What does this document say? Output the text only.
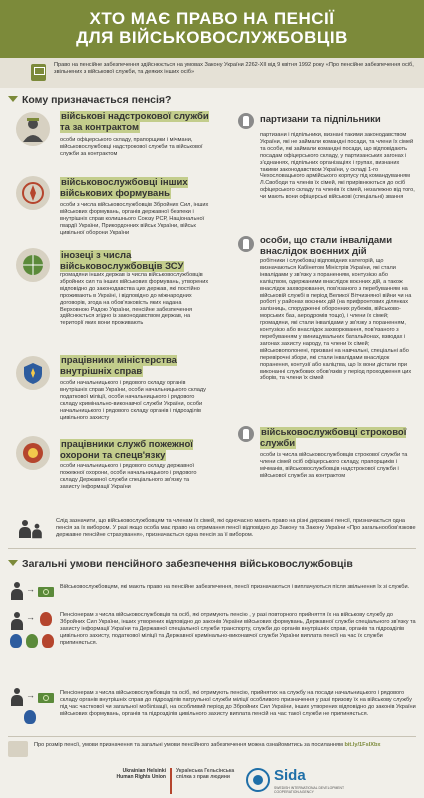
ХТО МАЄ ПРАВО НА ПЕНСІЇ
ДЛЯ ВІЙСЬКОВОСЛУЖБОВЦІВ
Право на пенсійне забезпечення здійснюється на умовах Закону України 2262-XII від 9 квітня 1992 року «Про пенсійне забезпечення осіб, звільнених з військової служби, та деяких інших осіб»
Кому призначається пенсія?
військові надстрокової служби та за контрактом
особи офіцерського складу, прапорщики і мічмани, військовослужбовці надстрокової служби та військової служби за контрактом
військовослужбовці інших військових формувань
особи з числа військовослужбовців Збройних Сил, інших військових формувань, органів державної безпеки і внутрішніх справ колишнього Союзу РСР, Національної гвардії України, Прикордонних військ України, військ цивільної оборони України
інозеці з числа військовослужбовців ЗСУ
громадяни інших держав із числа військовослужбовців збройних сил та інших військових формувань, утворених відповідно до законодавства цих держав, які постійно проживають в Україні, і відповідно до міжнародних договорів, згода на обов'язковість яких надана Верховною Радою України, пенсійне забезпечення здійснюється згідно із законодавством держав, на території яких вони проживають
працівники міністерства внутрішніх справ
особи начальницького і рядового складу органів внутрішніх справ України, особи начальницького складу податкової міліції, особи начальницького і рядового складу кримінально-виконавчої служби України, особи начальницького і рядового складу органів і підрозділів цивільного захисту
працівники служб пожежної охорони та спецв'язку
особи начальницького і рядового складу державної пожежної охорони, особи начальницького і рядового складу Державної служби спеціального зв'язку та захисту інформації України
партизани та підпільники
партизани і підпільники, визнані такими законодавством України, які не займали командні посади, та члени їх сімей та особи, які займали командні посади, що відповідають посадам офіцерського складу, у партизанських загонах і з'єднаннях, підпільних організаціях і групах, визнаних такими законодавством України, у складі 1-го Чехословацького армійського корпусу під командуванням Л.Свободи та членів їх сімей, які прирівнюються до осіб офіцерського складу та членів їх сімей, незалежно від того, чи мають вони офіцерські військові (спеціальні) звання
особи, що стали інвалідами внаслідок воєнних дій
робітники і службовці відповідних категорій, що визначаються Кабінетом Міністрів України, які стали інвалідами у зв'язку з пораненням, контузією або каліцтвом, одержаними внаслідок воєнних дій, а також внаслідок захворювання, пов'язаного з перебуванням на військовій службі в період Великої Вітчизняної війни чи на роботі у районах воєнних дій (на прифронтових ділянках залізниць, спорудженні оборонних рубежів, військово-морських баз, аеродромів тощо), і члени їх сімей; громадяни, які стали інвалідами у зв'язку з пораненням, контузією або внаслідок захворювання, пов'язаного з перебуванням у винищувальних батальйонах, взводах і загонах захисту народу, та члени їх сімей; військовополонені, призвані на навчальні, спеціальні або перевірочні збори, які стали інвалідами внаслідок поранення, контузії або каліцтва, що їх вони дістали при виконанні службових обов'язків у період проходження цих зборів, та члени їх сімей
військовослужбовці строкової служби
особи із числа військовослужбовців строкової служби та члени сімей осіб офіцерського складу, прапорщиків і мічманів, військовослужбовців надстрокової служби і військової служби за контрактом
Слід зазначити, що військовослужбовцям та членам їх сімей, які одночасно мають право на різні державні пенсії, призначається одна пенсія за їх вибором. У разі якщо особа має право на отримання пенсії відповідно до Закону та Закону України «Про загальнообов'язкове державне пенсійне страхування», призначається одна пенсія за її вибором.
Загальні умови пенсійного забезпечення військовослужбовців
→	Військовослужбовцям, які мають право на пенсійне забезпечення, пенсії призначаються і виплачуються після звільнення їх зі служби.
→	Пенсіонерам з числа військовослужбовців та осіб, які отримують пенсію , у разі повторного прийняття їх на військову службу до Збройних Сил України, інших утворених відповідно до законів України військових формувань, Державної служби спеціального зв'язку та захисту інформації України та Державної спеціальної служби транспорту, служби до органів внутрішніх справ, органів та підрозділів цивільного захисту, податкової міліції та Державної кримінально-виконавчої служби України виплата пенсії на час їх служби припиняється.
→	Пенсіонерам з числа військовослужбовців та осіб, які отримують пенсію, прийнятих на службу на посади начальницького і рядового складу органів внутрішніх справ до підрозділів патрульної служби міліції особливого призначення у разі призову їх на військову службу під час часткової чи загальної мобілізації, на особливий період до Збройних Сил України, інших утворених відповідно до законів України військових формувань, органів та підрозділів цивільного захисту виплата пенсій на час такої служби не припиняється.
Про розмір пенсії, умови призначення та загальні умови пенсійного забезпечення можна ознайомитись за посиланням bit.ly/1FsIXbx
Ukrainian Helsinki Human Rights Union
Українська Гельсінська спілка з прав людини	Sida
SWEDISH INTERNATIONAL DEVELOPMENT COOPERATION AGENCY
